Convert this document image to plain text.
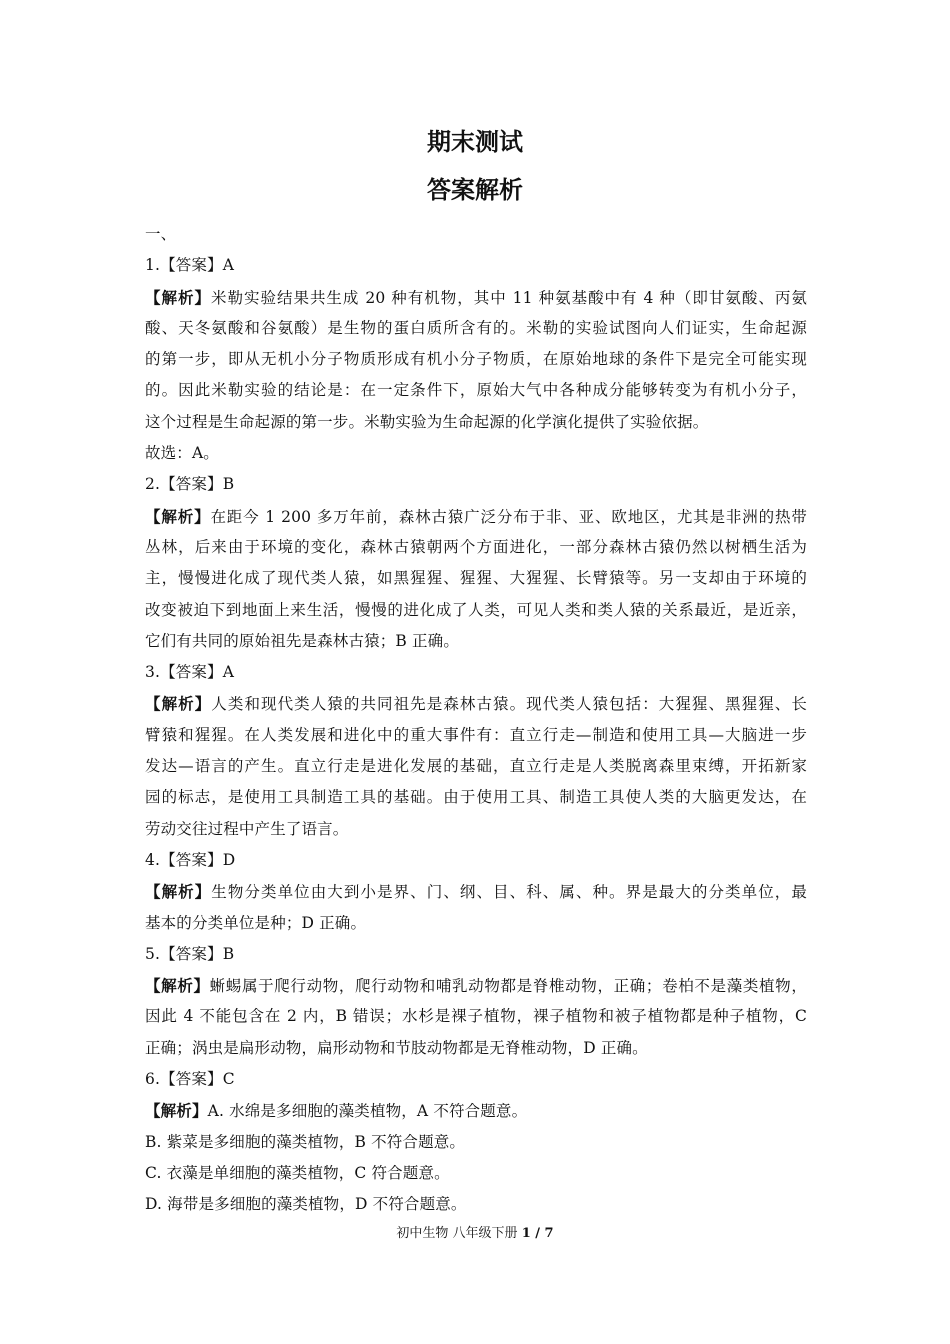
期末测试
答案解析
一、
1.【答案】A
【解析】米勒实验结果共生成 20 种有机物，其中 11 种氨基酸中有 4 种（即甘氨酸、丙氨
酸、天冬氨酸和谷氨酸）是生物的蛋白质所含有的。米勒的实验试图向人们证实，生命起源
的第一步，即从无机小分子物质形成有机小分子物质，在原始地球的条件下是完全可能实现
的。因此米勒实验的结论是：在一定条件下，原始大气中各种成分能够转变为有机小分子，
这个过程是生命起源的第一步。米勒实验为生命起源的化学演化提供了实验依据。
故选：A。
2.【答案】B
【解析】在距今 1 200 多万年前，森林古猿广泛分布于非、亚、欧地区，尤其是非洲的热带
丛林，后来由于环境的变化，森林古猿朝两个方面进化，一部分森林古猿仍然以树栖生活为
主，慢慢进化成了现代类人猿，如黑猩猩、猩猩、大猩猩、长臂猿等。另一支却由于环境的
改变被迫下到地面上来生活，慢慢的进化成了人类，可见人类和类人猿的关系最近，是近亲，
它们有共同的原始祖先是森林古猿；B 正确。
3.【答案】A
【解析】人类和现代类人猿的共同祖先是森林古猿。现代类人猿包括：大猩猩、黑猩猩、长
臂猿和猩猩。在人类发展和进化中的重大事件有：直立行走—制造和使用工具—大脑进一步
发达—语言的产生。直立行走是进化发展的基础，直立行走是人类脱离森里束缚，开拓新家
园的标志，是使用工具制造工具的基础。由于使用工具、制造工具使人类的大脑更发达，在
劳动交往过程中产生了语言。
4.【答案】D
【解析】生物分类单位由大到小是界、门、纲、目、科、属、种。界是最大的分类单位，最
基本的分类单位是种；D 正确。
5.【答案】B
【解析】蜥蜴属于爬行动物，爬行动物和哺乳动物都是脊椎动物，正确；卷柏不是藻类植物，
因此 4 不能包含在 2 内，B 错误；水杉是裸子植物，裸子植物和被子植物都是种子植物，C
正确；涡虫是扁形动物，扁形动物和节肢动物都是无脊椎动物，D 正确。
6.【答案】C
【解析】A. 水绵是多细胞的藻类植物，A 不符合题意。
B. 紫菜是多细胞的藻类植物，B 不符合题意。
C. 衣藻是单细胞的藻类植物，C 符合题意。
D. 海带是多细胞的藻类植物，D 不符合题意。
初中生物 八年级下册 1 / 7
